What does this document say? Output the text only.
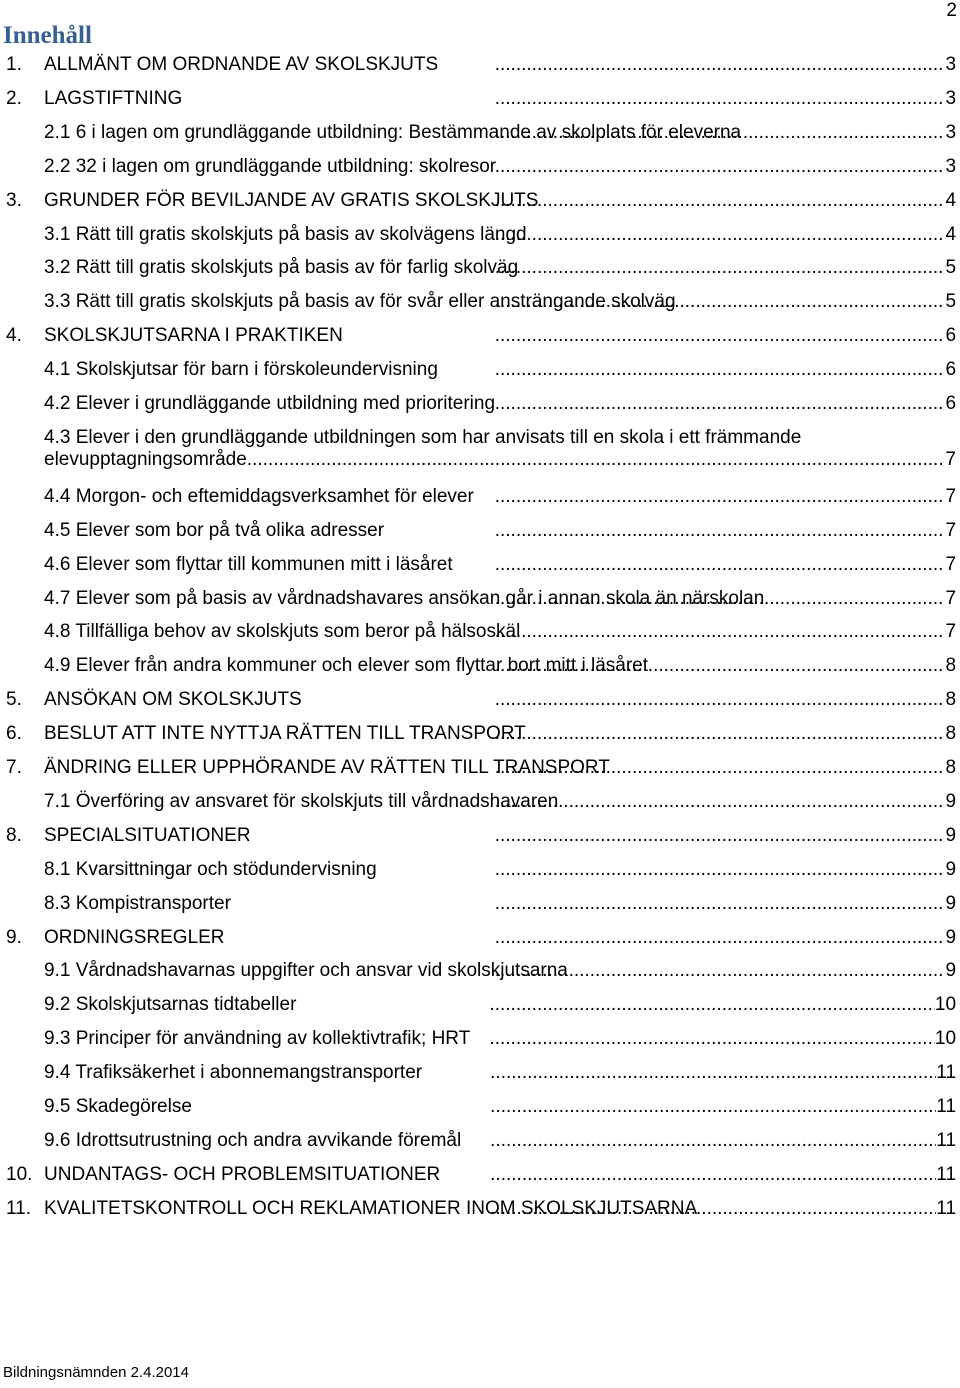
2
Innehåll
1. ALLMÄNT OM ORDNANDE AV SKOLSKJUTS .....	3
2. LAGSTIFTNING .....	3
2.1 6 i lagen om grundläggande utbildning: Bestämmande av skolplats för eleverna .....	3
2.2 32 i lagen om grundläggande utbildning: skolresor .....	3
3. GRUNDER FÖR BEVILJANDE AV GRATIS SKOLSKJUTS .....	4
3.1 Rätt till gratis skolskjuts på basis av skolvägens längd .....	4
3.2 Rätt till gratis skolskjuts på basis av för farlig skolväg .....	5
3.3 Rätt till gratis skolskjuts på basis av för svår eller ansträngande skolväg .....	5
4. SKOLSKJUTSARNA I PRAKTIKEN .....	6
4.1 Skolskjutsar för barn i förskoleundervisning .....	6
4.2 Elever i grundläggande utbildning med prioritering .....	6
4.3 Elever i den grundläggande utbildningen som har anvisats till en skola i ett främmande
elevupptagningsområde .....	7
4.4 Morgon- och eftemiddagsverksamhet för elever .....	7
4.5 Elever som bor på två olika adresser .....	7
4.6 Elever som flyttar till kommunen mitt i läsåret .....	7
4.7 Elever som på basis av vårdnadshavares ansökan går i annan skola än närskolan .....	7
4.8 Tillfälliga behov av skolskjuts som beror på hälsoskäl .....	7
4.9 Elever från andra kommuner och elever som flyttar bort mitt i läsåret .....	8
5. ANSÖKAN OM SKOLSKJUTS .....	8
6. BESLUT ATT INTE NYTTJA RÄTTEN TILL TRANSPORT .....	8
7. ÄNDRING ELLER UPPHÖRANDE AV RÄTTEN TILL TRANSPORT .....	8
7.1 Överföring av ansvaret för skolskjuts till vårdnadshavaren .....	9
8. SPECIALSITUATIONER .....	9
8.1 Kvarsittningar och stödundervisning .....	9
8.3 Kompistransporter .....	9
9. ORDNINGSREGLER .....	9
9.1 Vårdnadshavarnas uppgifter och ansvar vid skolskjutsarna .....	9
9.2 Skolskjutsarnas tidtabeller .....	10
9.3 Principer för användning av kollektivtrafik; HRT .....	10
9.4 Trafiksäkerhet i abonnemangstransporter .....	11
9.5 Skadegörelse .....	11
9.6 Idrottsutrustning och andra avvikande föremål .....	11
10. UNDANTAGS- OCH PROBLEMSITUATIONER .....	11
11. KVALITETSKONTROLL OCH REKLAMATIONER INOM SKOLSKJUTSARNA .....	11
Bildningsnämnden 2.4.2014
